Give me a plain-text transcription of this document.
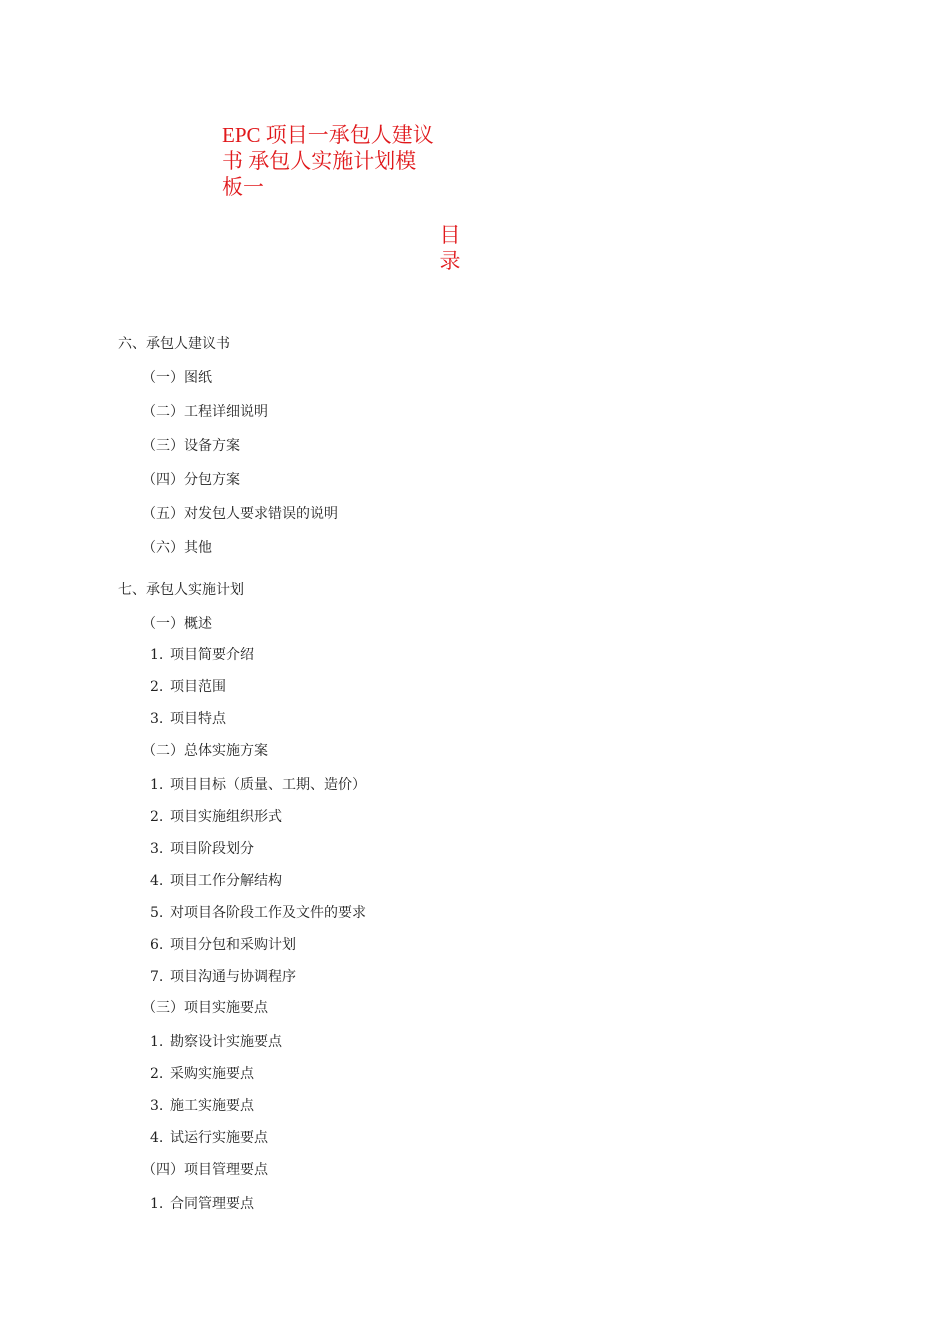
EPC 项目一承包人建议
书 承包人实施计划模
板一
目
录
六、承包人建议书
（一）图纸
（二）工程详细说明
（三）设备方案
（四）分包方案
（五）对发包人要求错误的说明
（六）其他
七、承包人实施计划
（一）概述
1. 项目简要介绍
2. 项目范围
3. 项目特点
（二）总体实施方案
1. 项目目标（质量、工期、造价）
2. 项目实施组织形式
3. 项目阶段划分
4. 项目工作分解结构
5. 对项目各阶段工作及文件的要求
6. 项目分包和采购计划
7. 项目沟通与协调程序
（三）项目实施要点
1. 勘察设计实施要点
2. 采购实施要点
3. 施工实施要点
4. 试运行实施要点
（四）项目管理要点
1. 合同管理要点
